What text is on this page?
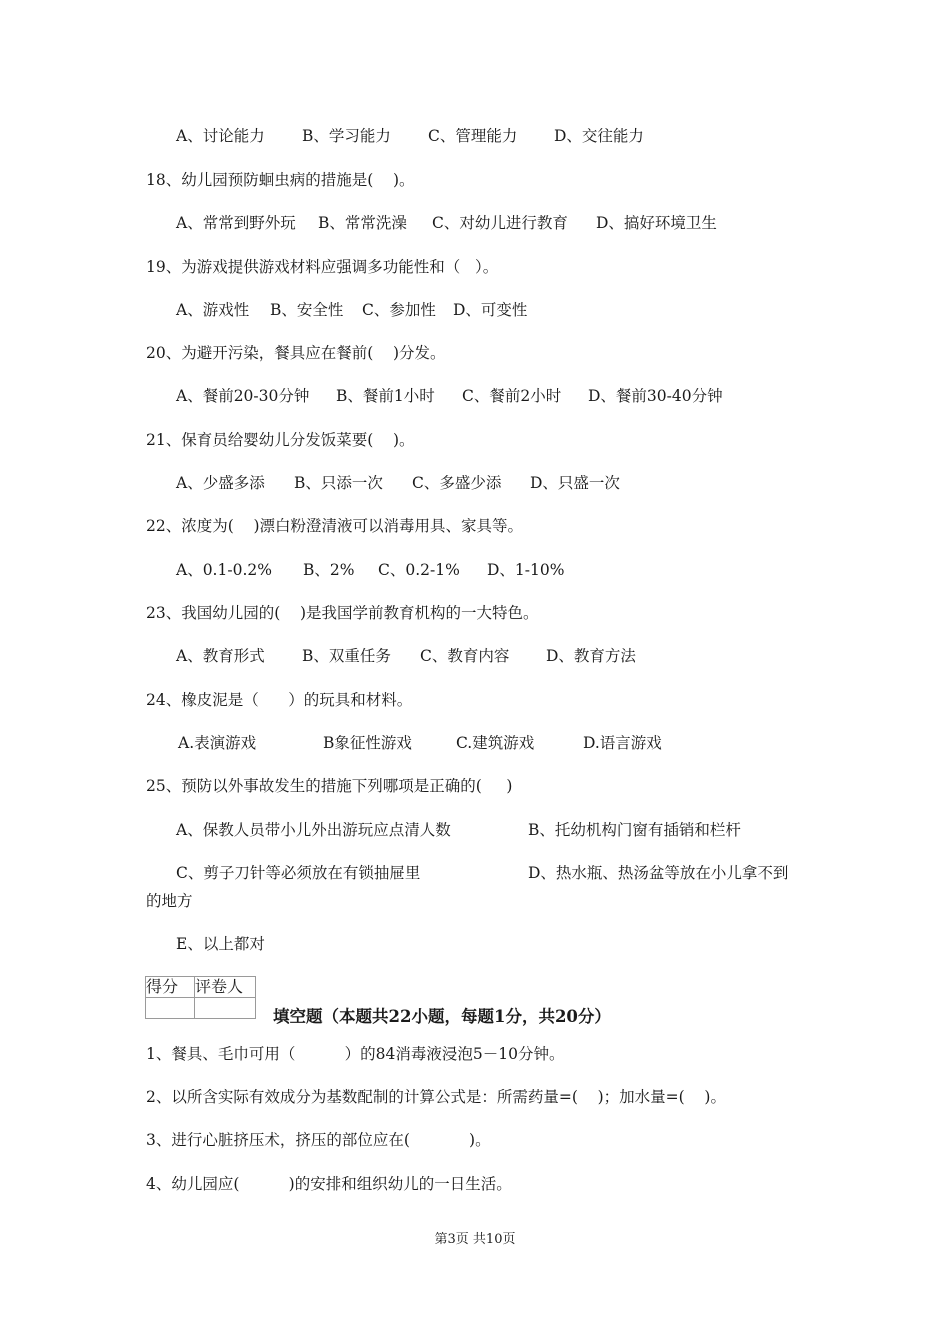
A、讨论能力

B、学习能力

C、管理能力

D、交往能力

18、幼儿园预防蛔虫病的措施是(    )。

A、常常到野外玩

B、常常洗澡

C、对幼儿进行教育

D、搞好环境卫生

19、为游戏提供游戏材料应强调多功能性和（   ）。

A、游戏性

B、安全性

C、参加性

D、可变性

20、为避开污染，餐具应在餐前(    )分发。

A、餐前20-30分钟

B、餐前1小时

C、餐前2小时

D、餐前30-40分钟

21、保育员给婴幼儿分发饭菜要(    )。

A、少盛多添

B、只添一次

C、多盛少添

D、只盛一次

22、浓度为(    )漂白粉澄清液可以消毒用具、家具等。

A、0.1-0.2%

B、2%

C、0.2-1%

D、1-10%

23、我国幼儿园的(    )是我国学前教育机构的一大特色。

A、教育形式

B、双重任务

C、教育内容

D、教育方法

24、橡皮泥是（      ）的玩具和材料。

A.表演游戏

	B象征性游戏

	C.建筑游戏

	D.语言游戏

25、预防以外事故发生的措施下列哪项是正确的(     )

A、保教人员带小儿外出游玩应点清人数

	B、托幼机构门窗有插销和栏杆

C、剪子刀针等必须放在有锁抽屉里

	D、热水瓶、热汤盆等放在小儿拿不到

的地方
E、以上都对
得分	评卷人

填空题（本题共22小题，每题1分，共20分）
1、餐具、毛巾可用（          ）的84消毒液浸泡5－10分钟。
2、以所含实际有效成分为基数配制的计算公式是：所需药量=(    )；加水量=(    )。
3、进行心脏挤压术，挤压的部位应在(            )。
4、幼儿园应(          )的安排和组织幼儿的一日生活。
第3页 共10页
